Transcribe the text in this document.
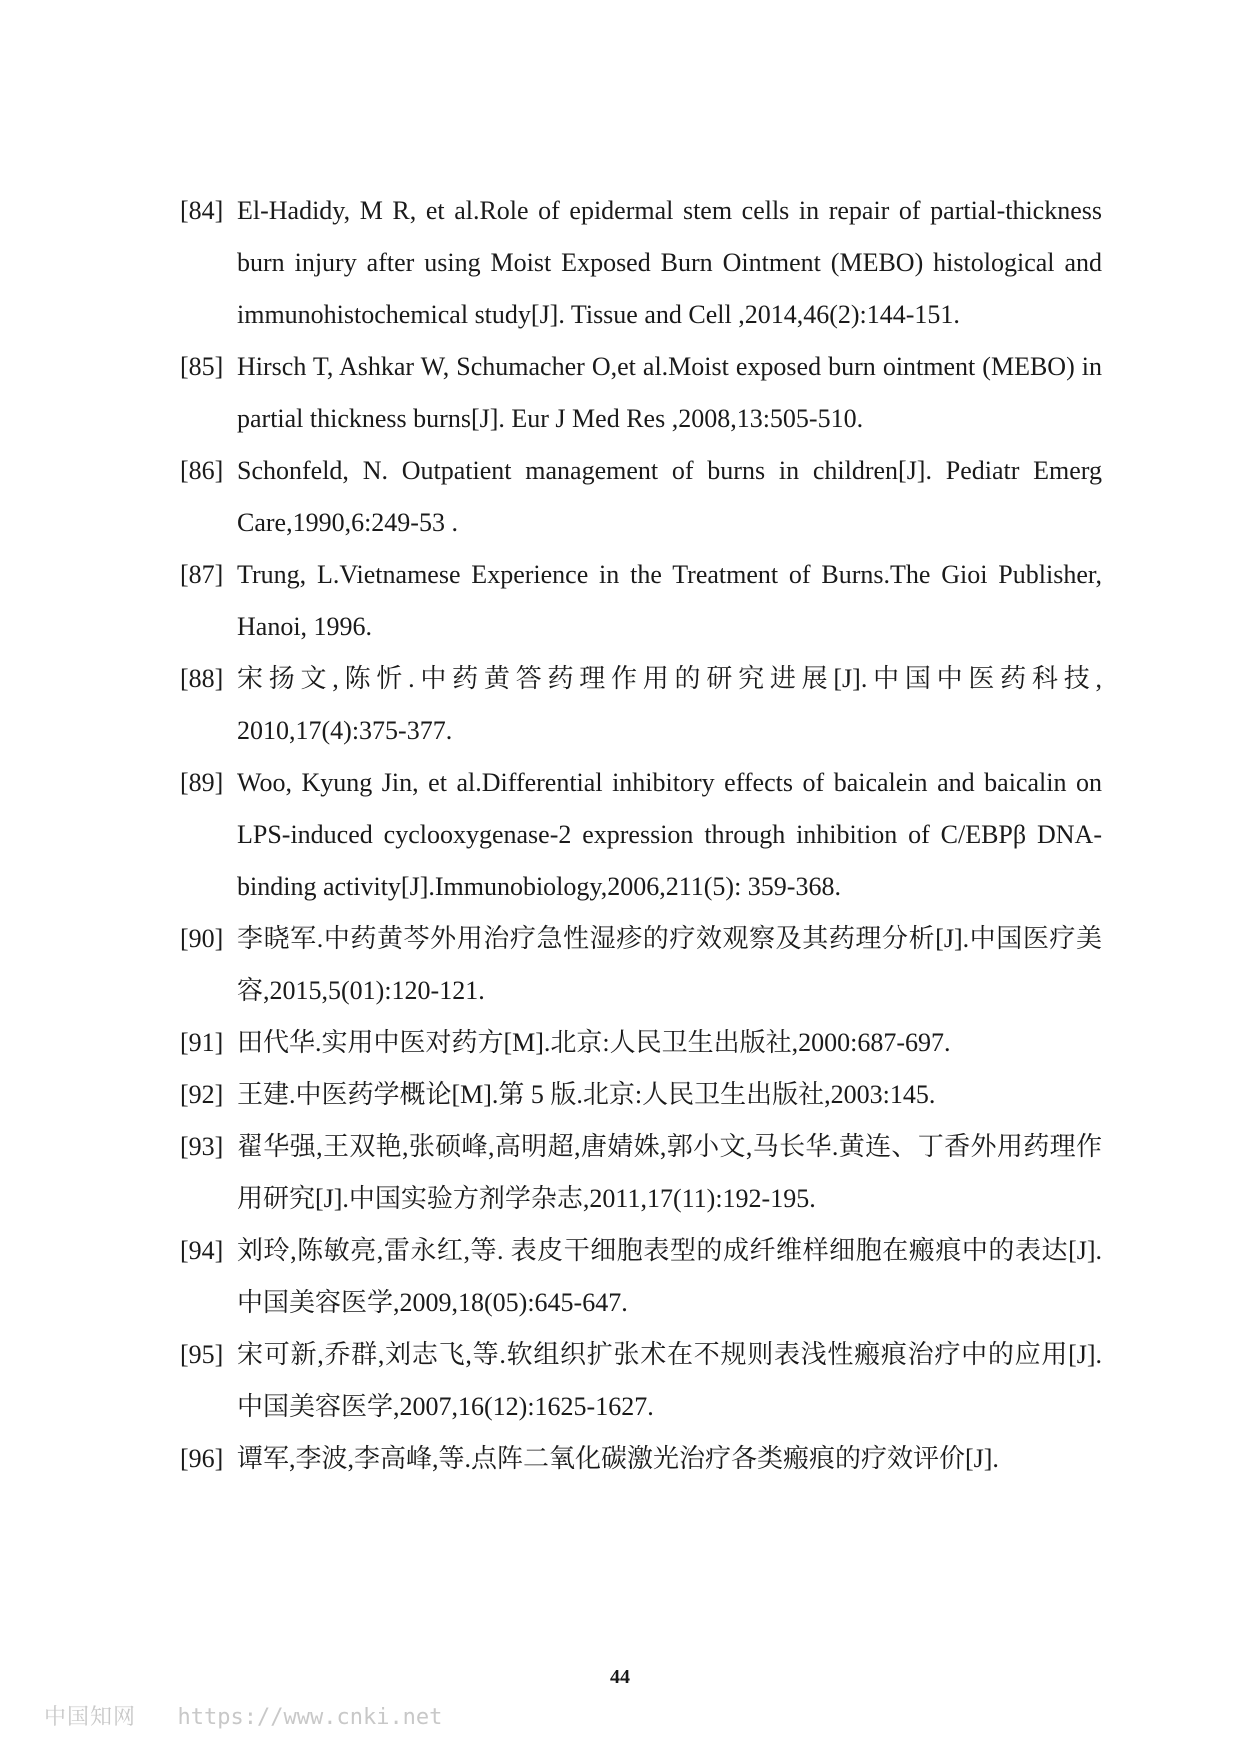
[84] El-Hadidy, M R, et al.Role of epidermal stem cells in repair of partial-thickness burn injury after using Moist Exposed Burn Ointment (MEBO) histological and immunohistochemical study[J]. Tissue and Cell ,2014,46(2):144-151.
[85] Hirsch T, Ashkar W, Schumacher O,et al.Moist exposed burn ointment (MEBO) in partial thickness burns[J]. Eur J Med Res ,2008,13:505-510.
[86] Schonfeld, N. Outpatient management of burns in children[J]. Pediatr Emerg Care,1990,6:249-53 .
[87] Trung, L.Vietnamese Experience in the Treatment of Burns.The Gioi Publisher, Hanoi, 1996.
[88] 宋扬文,陈忻.中药黄答药理作用的研究进展[J].中国中医药科技, 2010,17(4):375-377.
[89] Woo, Kyung Jin, et al.Differential inhibitory effects of baicalein and baicalin on LPS-induced cyclooxygenase-2 expression through inhibition of C/EBPβ DNA-binding activity[J].Immunobiology,2006,211(5): 359-368.
[90] 李晓军.中药黄芩外用治疗急性湿疹的疗效观察及其药理分析[J].中国医疗美容,2015,5(01):120-121.
[91] 田代华.实用中医对药方[M].北京:人民卫生出版社,2000:687-697.
[92] 王建.中医药学概论[M].第 5 版.北京:人民卫生出版社,2003:145.
[93] 翟华强,王双艳,张硕峰,高明超,唐婧姝,郭小文,马长华.黄连、丁香外用药理作用研究[J].中国实验方剂学杂志,2011,17(11):192-195.
[94] 刘玲,陈敏亮,雷永红,等. 表皮干细胞表型的成纤维样细胞在瘢痕中的表达[J].中国美容医学,2009,18(05):645-647.
[95] 宋可新,乔群,刘志飞,等.软组织扩张术在不规则表浅性瘢痕治疗中的应用[J].中国美容医学,2007,16(12):1625-1627.
[96] 谭军,李波,李高峰,等.点阵二氧化碳激光治疗各类瘢痕的疗效评价[J].
44
中国知网 https://www.cnki.net
